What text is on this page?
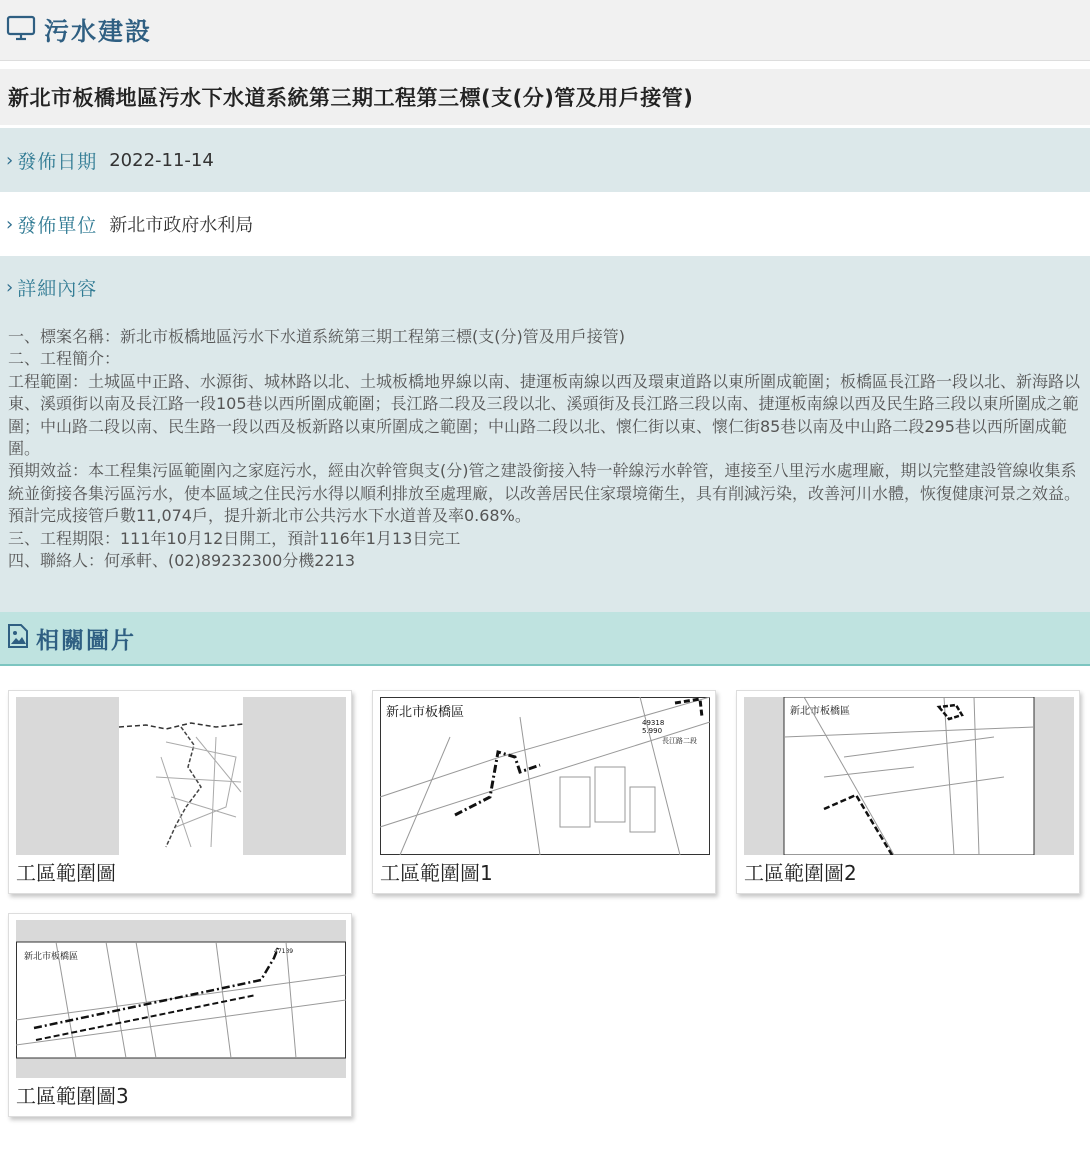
污水建設
新北市板橋地區污水下水道系統第三期工程第三標(支(分)管及用戶接管)
› 發佈日期 2022-11-14
› 發佈單位 新北市政府水利局
› 詳細內容

一、標案名稱：新北市板橋地區污水下水道系統第三期工程第三標(支(分)管及用戶接管)

二、工程簡介：

工程範圍：土城區中正路、水源街、城林路以北、土城板橋地界線以南、捷運板南線以西及環東道路以東所圍成範圍；板橋區長江路一段以北、新海路以東、溪頭街以南及長江路一段105巷以西所圍成範圍；長江路二段及三段以北、溪頭街及長江路三段以南、捷運板南線以西及民生路三段以東所圍成之範圍；中山路二段以南、民生路一段以西及板新路以東所圍成之範圍；中山路二段以北、懷仁街以東、懷仁街85巷以南及中山路二段295巷以西所圍成範圍。

預期效益：本工程集污區範圍內之家庭污水，經由次幹管與支(分)管之建設銜接入特一幹線污水幹管，連接至八里污水處理廠，期以完整建設管線收集系統並銜接各集污區污水，使本區域之住民污水得以順利排放至處理廠，以改善居民住家環境衛生，具有削減污染，改善河川水體，恢復健康河景之效益。預計完成接管戶數11,074戶，提升新北市公共污水下水道普及率0.68%。

三、工程期限：111年10月12日開工，預計116年1月13日完工

四、聯絡人：何承軒、(02)89232300分機2213

相關圖片
工區範圍圖
新北市板橋區
49318
5.990
長江路二段
工區範圍圖1
新北市板橋區
工區範圍圖2
新北市板橋區
47139
工區範圍圖3
